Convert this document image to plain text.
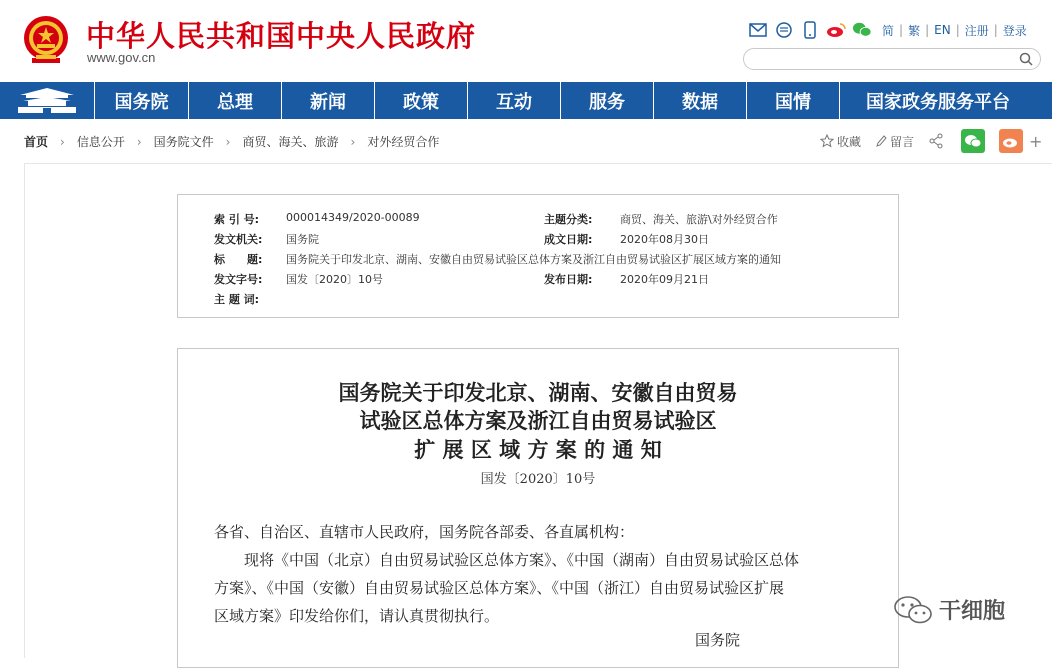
中华人民共和国中央人民政府
www.gov.cn
简 | 繁 | EN | 注册 | 登录
国务院	总理	新闻	政策	互动	服务	数据	国情	国家政务服务平台
首页 › 信息公开 › 国务院文件 › 商贸、海关、旅游 › 对外经贸合作	收藏 留言	+
索 引 号:	000014349/2020-00089	主题分类:	商贸、海关、旅游\对外经贸合作
发文机关:	国务院	成文日期:	2020年08月30日
标　　题:	国务院关于印发北京、湖南、安徽自由贸易试验区总体方案及浙江自由贸易试验区扩展区域方案的通知
发文字号:	国发〔2020〕10号	发布日期:	2020年09月21日
主 题 词:
国务院关于印发北京、湖南、安徽自由贸易
试验区总体方案及浙江自由贸易试验区
扩 展 区 域 方 案 的 通 知
国发〔2020〕10号
各省、自治区、直辖市人民政府，国务院各部委、各直属机构：
　　现将《中国（北京）自由贸易试验区总体方案》、《中国（湖南）自由贸易试验区总体
方案》、《中国（安徽）自由贸易试验区总体方案》、《中国（浙江）自由贸易试验区扩展
区域方案》印发给你们，请认真贯彻执行。
国务院
干细胞
